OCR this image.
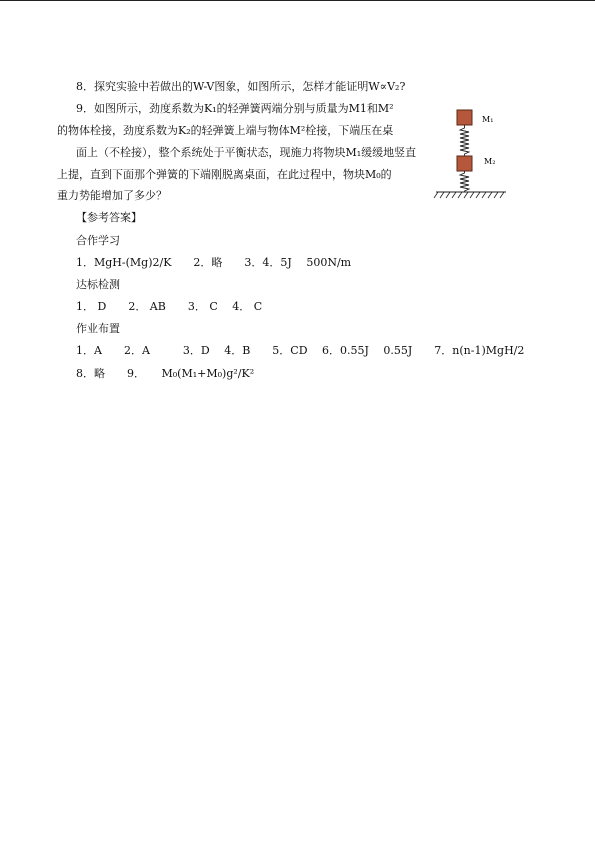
8．探究实验中若做出的W-V图象，如图所示，怎样才能证明W∝V₂?
9．如图所示，劲度系数为K₁的轻弹簧两端分别与质量为M1和M²
的物体栓接，劲度系数为K₂的轻弹簧上端与物体M²栓接，下端压在桌
面上（不栓接），整个系统处于平衡状态，现施力将物块M₁缓缓地竖直
上提，直到下面那个弹簧的下端刚脱离桌面，在此过程中，物块M₀的
重力势能增加了多少？
M₁
M₂
【参考答案】
合作学习
1．MgH-(Mg)2/K　　2．略　　3．4．5J　 500N/m
达标检测
1． D　　2． AB　　3． C　 4． C
作业布置
1．A　　2．A　　　3．D　 4．B　　5．CD　 6．0.55J　 0.55J　　7．n(n-1)MgH/2
8．略　　9．　　M₀(M₁+M₀)g²/K²
